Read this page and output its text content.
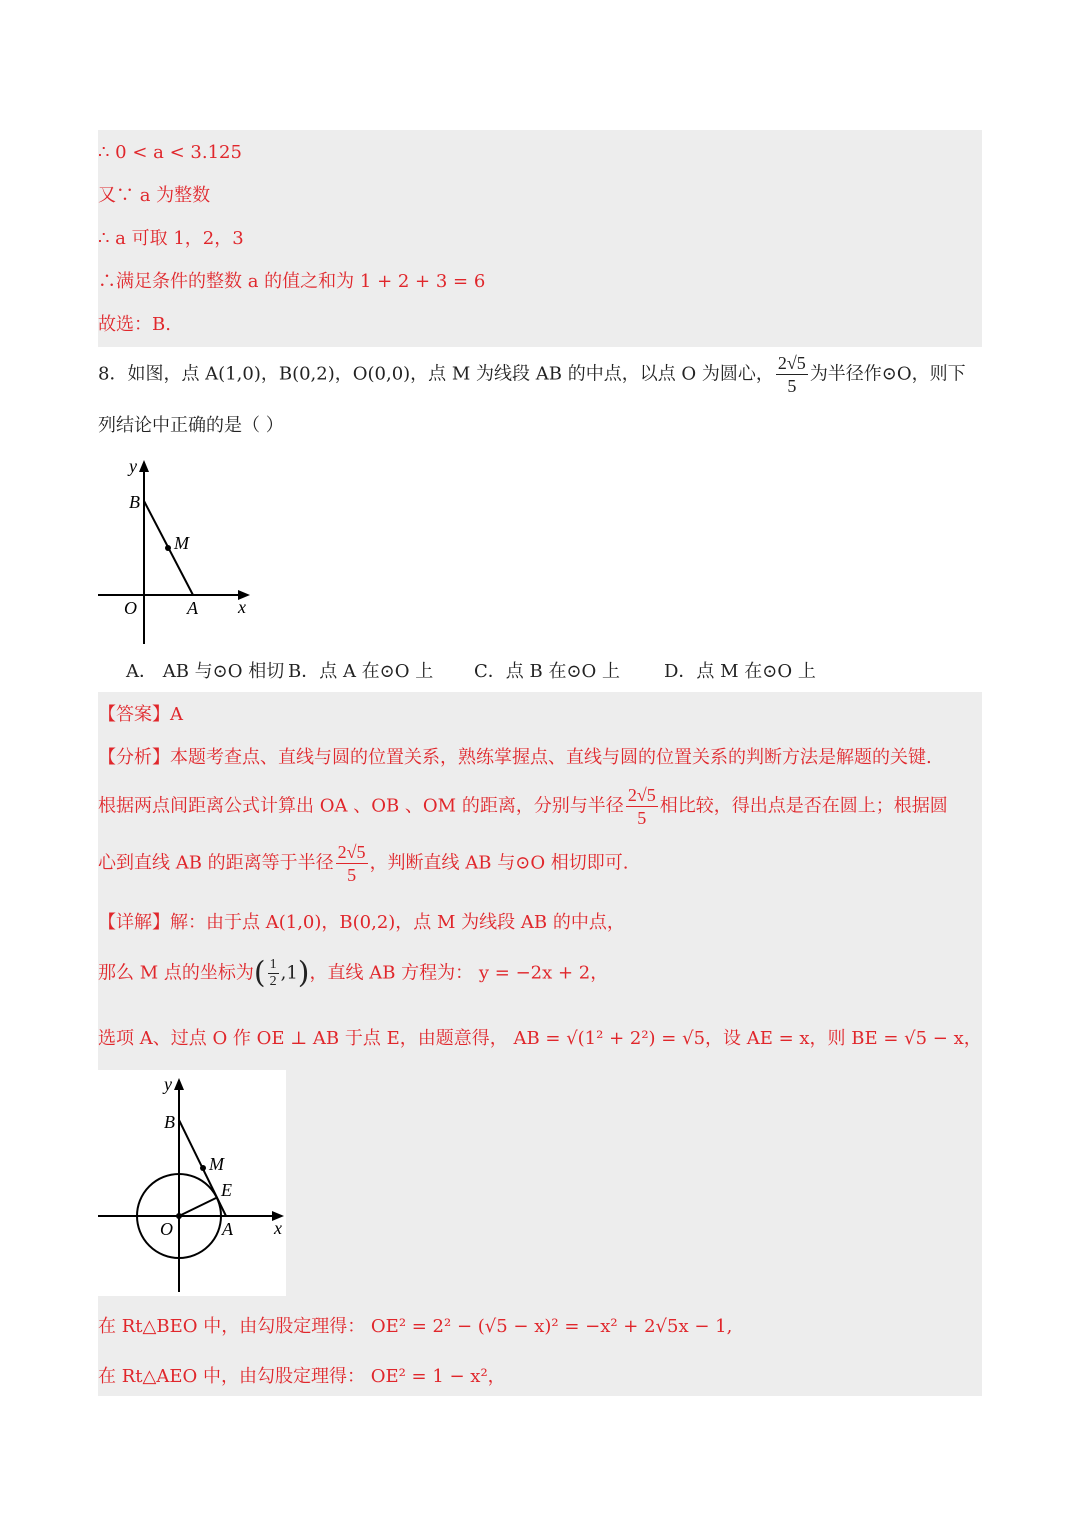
∴ 0 < a < 3.125
又∵ a 为整数
∴ a 可取 1，2，3
∴满足条件的整数 a 的值之和为 1 + 2 + 3 = 6
故选：B.
8．如图，点 A(1,0)，B(0,2)，O(0,0)，点 M 为线段 AB 的中点，以点 O 为圆心， $\frac{2√5}{5}$ 为半径作⊙O，则下
列结论中正确的是（ ）
y
B
M
O	A x
A． AB 与⊙O 相切 B．点 A 在⊙O 上 C．点 B 在⊙O 上 D．点 M 在⊙O 上
【答案】A
【分析】本题考查点、直线与圆的位置关系，熟练掌握点、直线与圆的位置关系的判断方法是解题的关键.
根据两点间距离公式计算出 OA 、OB 、OM 的距离，分别与半径 $\frac{2√5}{5}$ 相比较，得出点是否在圆上；根据圆
心到直线 AB 的距离等于半径 $\frac{2√5}{5}$ ，判断直线 AB 与⊙O 相切即可.
【详解】解：由于点 A(1,0)，B(0,2)，点 M 为线段 AB 的中点，
那么 M 点的坐标为( $\frac{1}{2} ,1$)，直线 AB 方程为： y = −2x + 2，
选项 A、过点 O 作 OE ⊥ AB 于点 E，由题意得， AB = √(1² + 2²) = √5，设 AE = x，则 BE = √5 − x，
y
B
M
E
O	A x
在 Rt△BEO 中，由勾股定理得： OE² = 2² − (√5 − x)² = −x² + 2√5x − 1,
在 Rt△AEO 中，由勾股定理得： OE² = 1 − x²，
